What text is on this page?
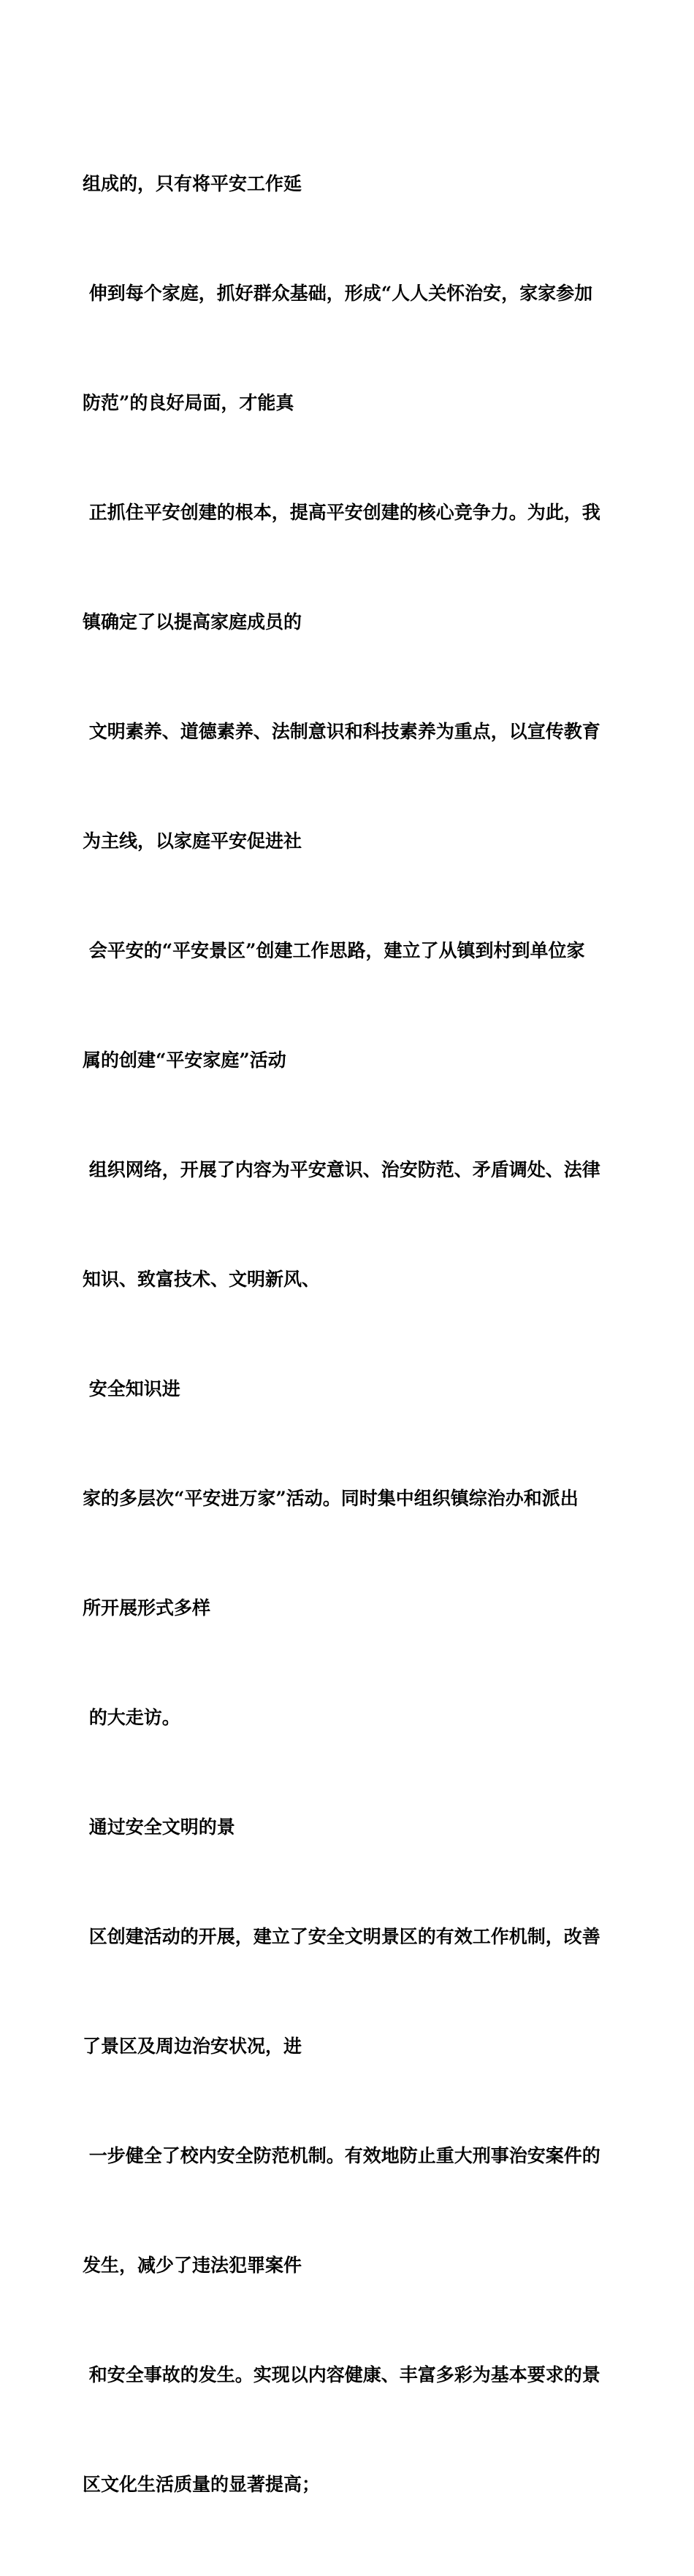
组成的，只有将平安工作延

伸到每个家庭，抓好群众基础，形成“人人关怀治安，家家参加

防范”的良好局面，才能真

正抓住平安创建的根本，提高平安创建的核心竞争力。为此，我

镇确定了以提高家庭成员的

文明素养、道德素养、法制意识和科技素养为重点，以宣传教育

为主线，以家庭平安促进社

会平安的“平安景区”创建工作思路，建立了从镇到村到单位家

属的创建“平安家庭”活动

组织网络，开展了内容为平安意识、治安防范、矛盾调处、法律

知识、致富技术、文明新风、

安全知识进

家的多层次“平安进万家”活动。同时集中组织镇综治办和派出

所开展形式多样

的大走访。

通过安全文明的景

区创建活动的开展，建立了安全文明景区的有效工作机制，改善

了景区及周边治安状况，进

一步健全了校内安全防范机制。有效地防止重大刑事治安案件的

发生，减少了违法犯罪案件

和安全事故的发生。实现以内容健康、丰富多彩为基本要求的景

区文化生活质量的显著提高；
